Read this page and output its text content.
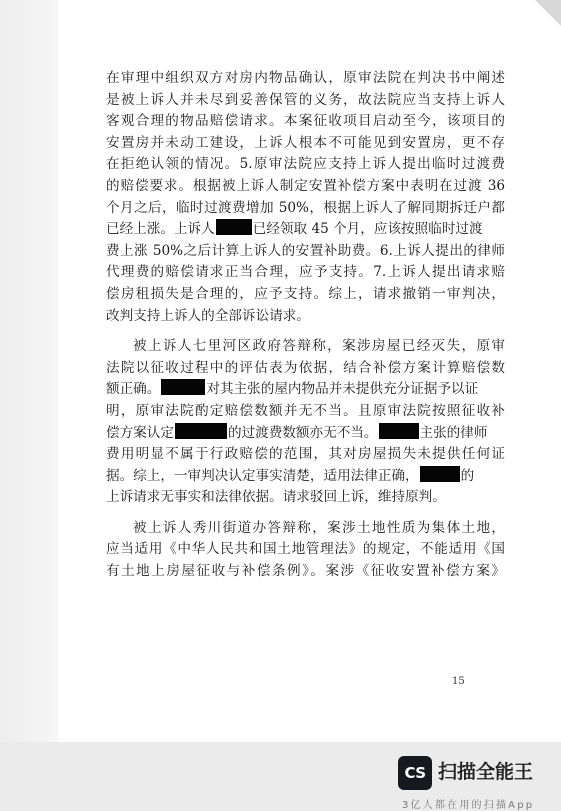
在审理中组织双方对房内物品确认，原审法院在判决书中阐述
是被上诉人并未尽到妥善保管的义务，故法院应当支持上诉人
客观合理的物品赔偿请求。本案征收项目启动至今，该项目的
安置房并未动工建设，上诉人根本不可能见到安置房，更不存
在拒绝认领的情况。5.原审法院应支持上诉人提出临时过渡费
的赔偿要求。根据被上诉人制定安置补偿方案中表明在过渡 36
个月之后，临时过渡费增加 50%，根据上诉人了解同期拆迁户都
已经上涨。上诉人	已经领取 45 个月，应该按照临时过渡
费上涨 50%之后计算上诉人的安置补助费。6.上诉人提出的律师
代理费的赔偿请求正当合理，应予支持。7.上诉人提出请求赔
偿房租损失是合理的，应予支持。综上，请求撤销一审判决，
改判支持上诉人的全部诉讼请求。
被上诉人七里河区政府答辩称，案涉房屋已经灭失，原审
法院以征收过程中的评估表为依据，结合补偿方案计算赔偿数
额正确。	对其主张的屋内物品并未提供充分证据予以证
明，原审法院酌定赔偿数额并无不当。且原审法院按照征收补
偿方案认定	的过渡费数额亦无不当。	主张的律师
费用明显不属于行政赔偿的范围，其对房屋损失未提供任何证
据。综上，一审判决认定事实清楚，适用法律正确，	的
上诉请求无事实和法律依据。请求驳回上诉，维持原判。
被上诉人秀川街道办答辩称，案涉土地性质为集体土地，
应当适用《中华人民共和国土地管理法》的规定，不能适用《国
有土地上房屋征收与补偿条例》。案涉《征收安置补偿方案》
15
CS 扫描全能王
3亿人都在用的扫描App
